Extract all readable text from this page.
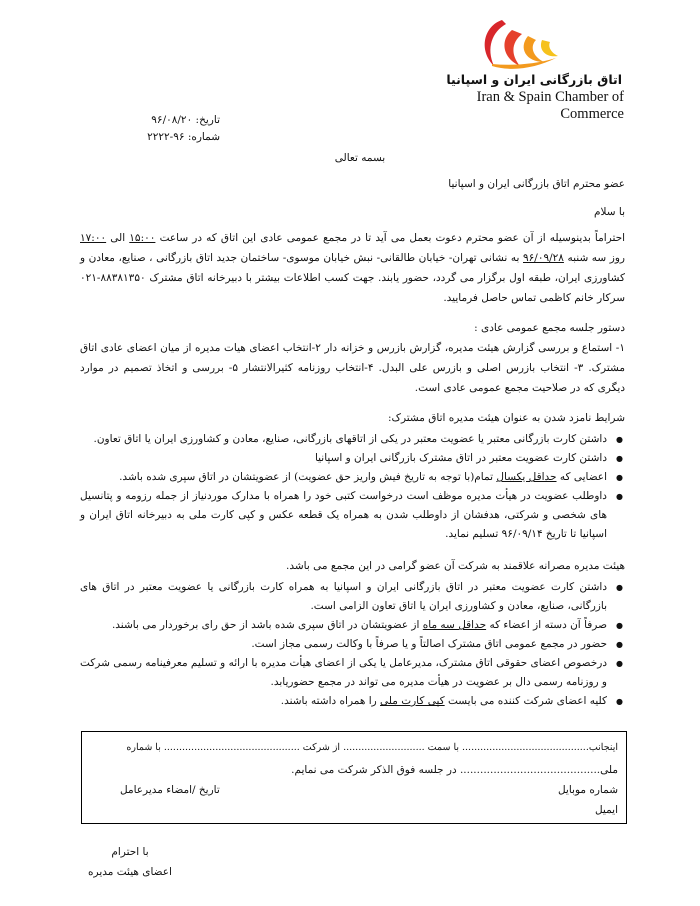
اتاق بازرگانی ایران و اسپانیا
Iran & Spain Chamber of Commerce
تاریخ: ۹۶/۰۸/۲۰
شماره: ۹۶-۲۲۲۲
بسمه تعالی
عضو محترم اتاق بازرگانی ایران و اسپانیا
با سلام
احتراماً بدینوسیله از آن عضو محترم دعوت بعمل می آید تا در مجمع عمومی عادی این اتاق که در ساعت ۱۵:۰۰ الی ۱۷:۰۰ روز سه شنبه ۹۶/۰۹/۲۸ به نشانی تهران- خیابان طالقانی- نبش خیابان موسوی- ساختمان جدید اتاق بازرگانی ، صنایع، معادن و کشاورزی ایران، طبقه اول برگزار می گردد، حضور یابند. جهت کسب اطلاعات بیشتر با دبیرخانه اتاق مشترک ۸۸۳۸۱۳۵۰-۰۲۱ سرکار خانم کاظمی تماس حاصل فرمایید.
دستور جلسه مجمع عمومی عادی :
۱- استماع و بررسی گزارش هیئت مدیره، گزارش بازرس و خزانه دار ۲-انتخاب اعضای هیات مدیره از میان اعضای عادی اتاق مشترک. ۳- انتخاب بازرس اصلی و بازرس علی البدل. ۴-انتخاب روزنامه کثیرالانتشار ۵- بررسی و اتخاذ تصمیم در موارد دیگری که در صلاحیت مجمع عمومی عادی است.
شرایط نامزد شدن به عنوان هیئت مدیره اتاق مشترک:
● داشتن کارت بازرگانی معتبر یا عضویت معتبر در یکی از اتاقهای بازرگانی، صنایع، معادن و کشاورزی ایران یا اتاق تعاون.
● داشتن کارت عضویت معتبر در اتاق مشترک بازرگانی ایران و اسپانیا
● اعضایی که حداقل یکسال تمام(با توجه به تاریخ فیش واریز حق عضویت) از عضویتشان در اتاق سپری شده باشد.
● داوطلب عضویت در هیأت مدیره موظف است درخواست کتبی خود را همراه با مدارک موردنیاز از جمله رزومه و پتانسیل های شخصی و شرکتی، هدفشان از داوطلب شدن به همراه یک قطعه عکس و کپی کارت ملی به دبیرخانه اتاق ایران و اسپانیا تا تاریخ ۹۶/۰۹/۱۴ تسلیم نماید.
هیئت مدیره مصرانه علاقمند به شرکت آن عضو گرامی در این مجمع می باشد.
● داشتن کارت عضویت معتبر در اتاق بازرگانی ایران و اسپانیا به همراه کارت بازرگانی یا عضویت معتبر در اتاق های بازرگانی، صنایع، معادن و کشاورزی ایران یا اتاق تعاون الزامی است.
● صرفاً آن دسته از اعضاء که حداقل سه ماه از عضویتشان در اتاق سپری شده باشد از حق رای برخوردار می باشند.
● حضور در مجمع عمومی اتاق مشترک اصالتاً و یا صرفاً با وکالت رسمی مجاز است.
● درخصوص اعضای حقوقی اتاق مشترک، مدیرعامل یا یکی از اعضای هیأت مدیره با ارائه و تسلیم معرفینامه رسمی شرکت و روزنامه رسمی دال بر عضویت در هیأت مدیره می تواند در مجمع حضوریابد.
● کلیه اعضای شرکت کننده می بایست کپی کارت ملی را همراه داشته باشند.
اینجانب.......................................... با سمت ........................... از شرکت ............................................. با شماره
ملی.......................................... در جلسه فوق الذکر شرکت می نمایم.
شماره موبایل
تاریخ /امضاء مدیرعامل
ایمیل
با احترام
اعضای هیئت مدیره
